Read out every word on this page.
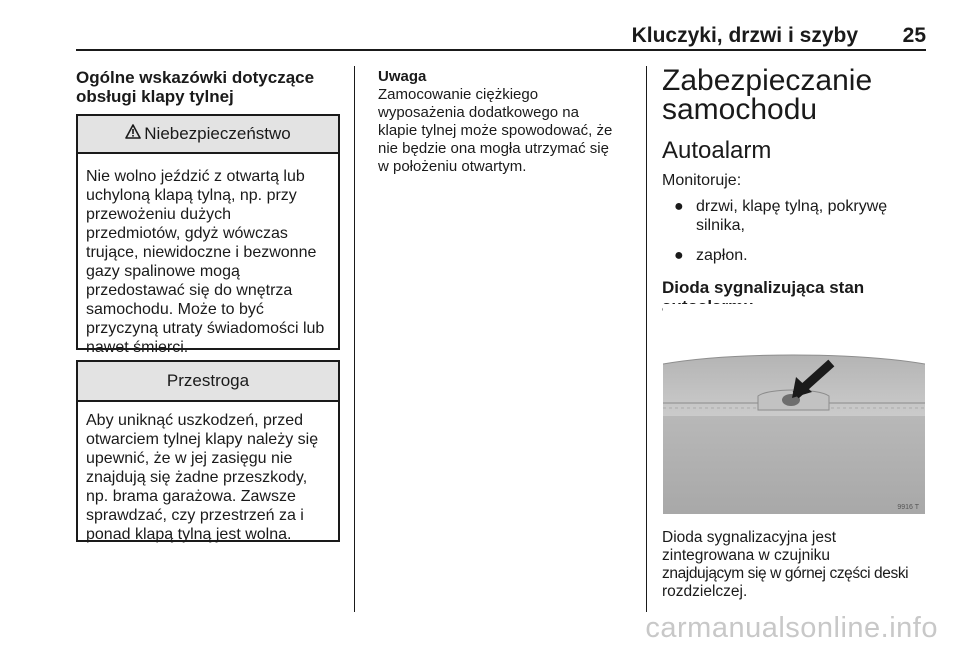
Kluczyki, drzwi i szyby 25
Ogólne wskazówki dotyczące
obsługi klapy tylnej
Niebezpieczeństwo
Nie wolno jeździć z otwartą lub
uchyloną klapą tylną, np. przy
przewożeniu dużych
przedmiotów, gdyż wówczas
trujące, niewidoczne i bezwonne
gazy spalinowe mogą
przedostawać się do wnętrza
samochodu. Może to być
przyczyną utraty świadomości lub
nawet śmierci.
Przestroga
Aby uniknąć uszkodzeń, przed
otwarciem tylnej klapy należy się
upewnić, że w jej zasięgu nie
znajdują się żadne przeszkody,
np. brama garażowa. Zawsze
sprawdzać, czy przestrzeń za i
ponad klapą tylną jest wolna.
Uwaga
Zamocowanie ciężkiego
wyposażenia dodatkowego na
klapie tylnej może spowodować, że
nie będzie ona mogła utrzymać się
w położeniu otwartym.
Zabezpieczanie
samochodu
Autoalarm
Monitoruje:
● drzwi, klapę tylną, pokrywę
silnika,
● zapłon.
Dioda sygnalizująca stan
9916 T
Dioda sygnalizacyjna jest
zintegrowana w czujniku
znajdującym się w górnej części deski
rozdzielczej.
carmanualsonline.info
